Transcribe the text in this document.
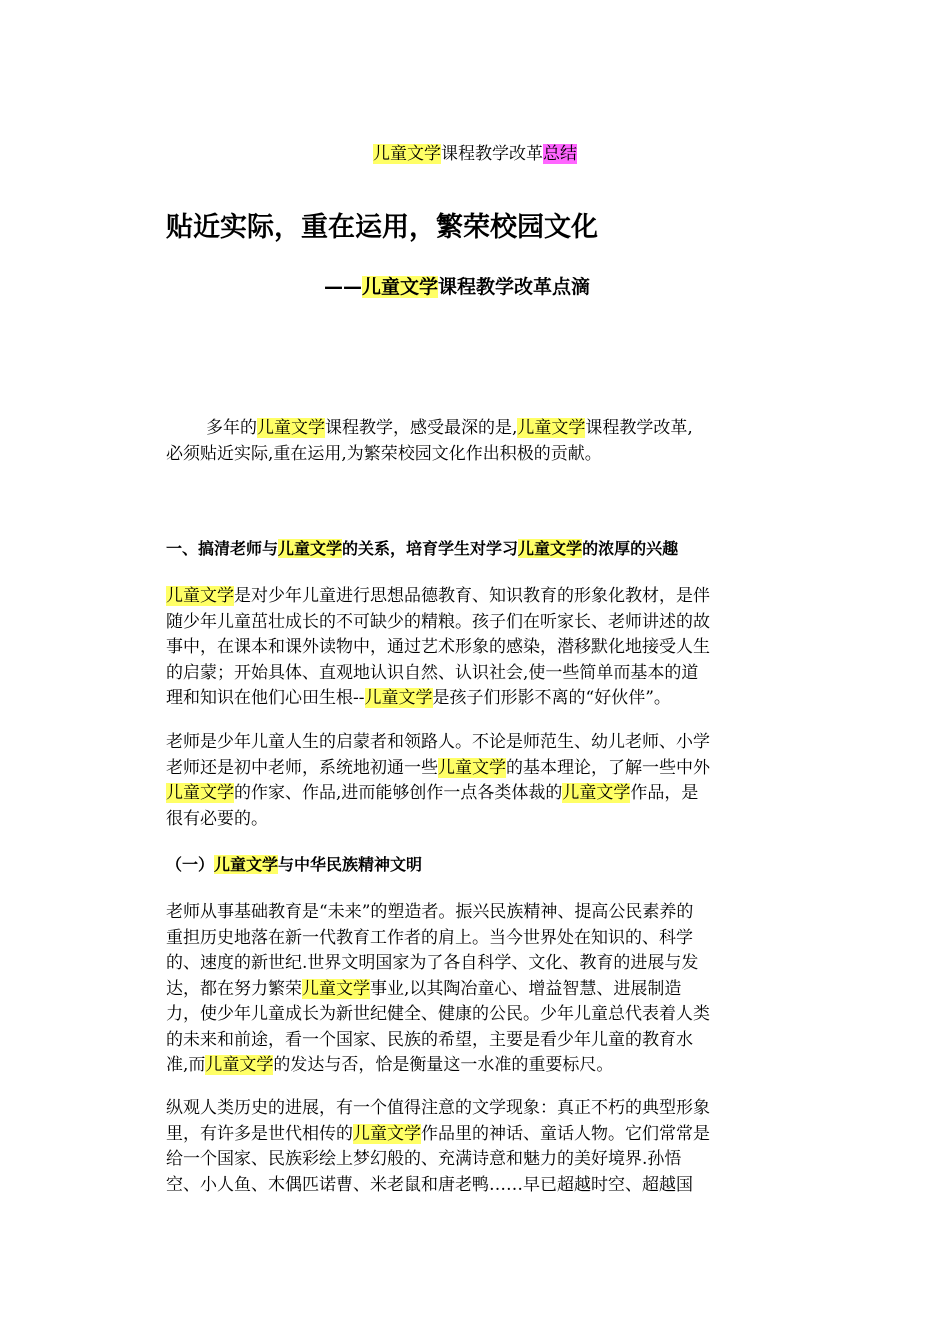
儿童文学课程教学改革总结
贴近实际，重在运用，繁荣校园文化
——儿童文学课程教学改革点滴
多年的儿童文学课程教学，感受最深的是,儿童文学课程教学改革,
必须贴近实际,重在运用,为繁荣校园文化作出积极的贡献。
一、搞清老师与儿童文学的关系，培育学生对学习儿童文学的浓厚的兴趣
儿童文学是对少年儿童进行思想品德教育、知识教育的形象化教材，是伴
随少年儿童茁壮成长的不可缺少的精粮。孩子们在听家长、老师讲述的故
事中，在课本和课外读物中，通过艺术形象的感染，潜移默化地接受人生
的启蒙；开始具体、直观地认识自然、认识社会,使一些简单而基本的道
理和知识在他们心田生根--儿童文学是孩子们形影不离的“好伙伴”。
老师是少年儿童人生的启蒙者和领路人。不论是师范生、幼儿老师、小学
老师还是初中老师，系统地初通一些儿童文学的基本理论，了解一些中外
儿童文学的作家、作品,进而能够创作一点各类体裁的儿童文学作品，是
很有必要的。
（一）儿童文学与中华民族精神文明
老师从事基础教育是“未来”的塑造者。振兴民族精神、提高公民素养的
重担历史地落在新一代教育工作者的肩上。当今世界处在知识的、科学
的、速度的新世纪.世界文明国家为了各自科学、文化、教育的进展与发
达，都在努力繁荣儿童文学事业,以其陶冶童心、增益智慧、进展制造
力，使少年儿童成长为新世纪健全、健康的公民。少年儿童总代表着人类
的未来和前途，看一个国家、民族的希望，主要是看少年儿童的教育水
准,而儿童文学的发达与否，恰是衡量这一水准的重要标尺。
纵观人类历史的进展，有一个值得注意的文学现象：真正不朽的典型形象
里，有许多是世代相传的儿童文学作品里的神话、童话人物。它们常常是
给一个国家、民族彩绘上梦幻般的、充满诗意和魅力的美好境界.孙悟
空、小人鱼、木偶匹诺曹、米老鼠和唐老鸭……早已超越时空、超越国
